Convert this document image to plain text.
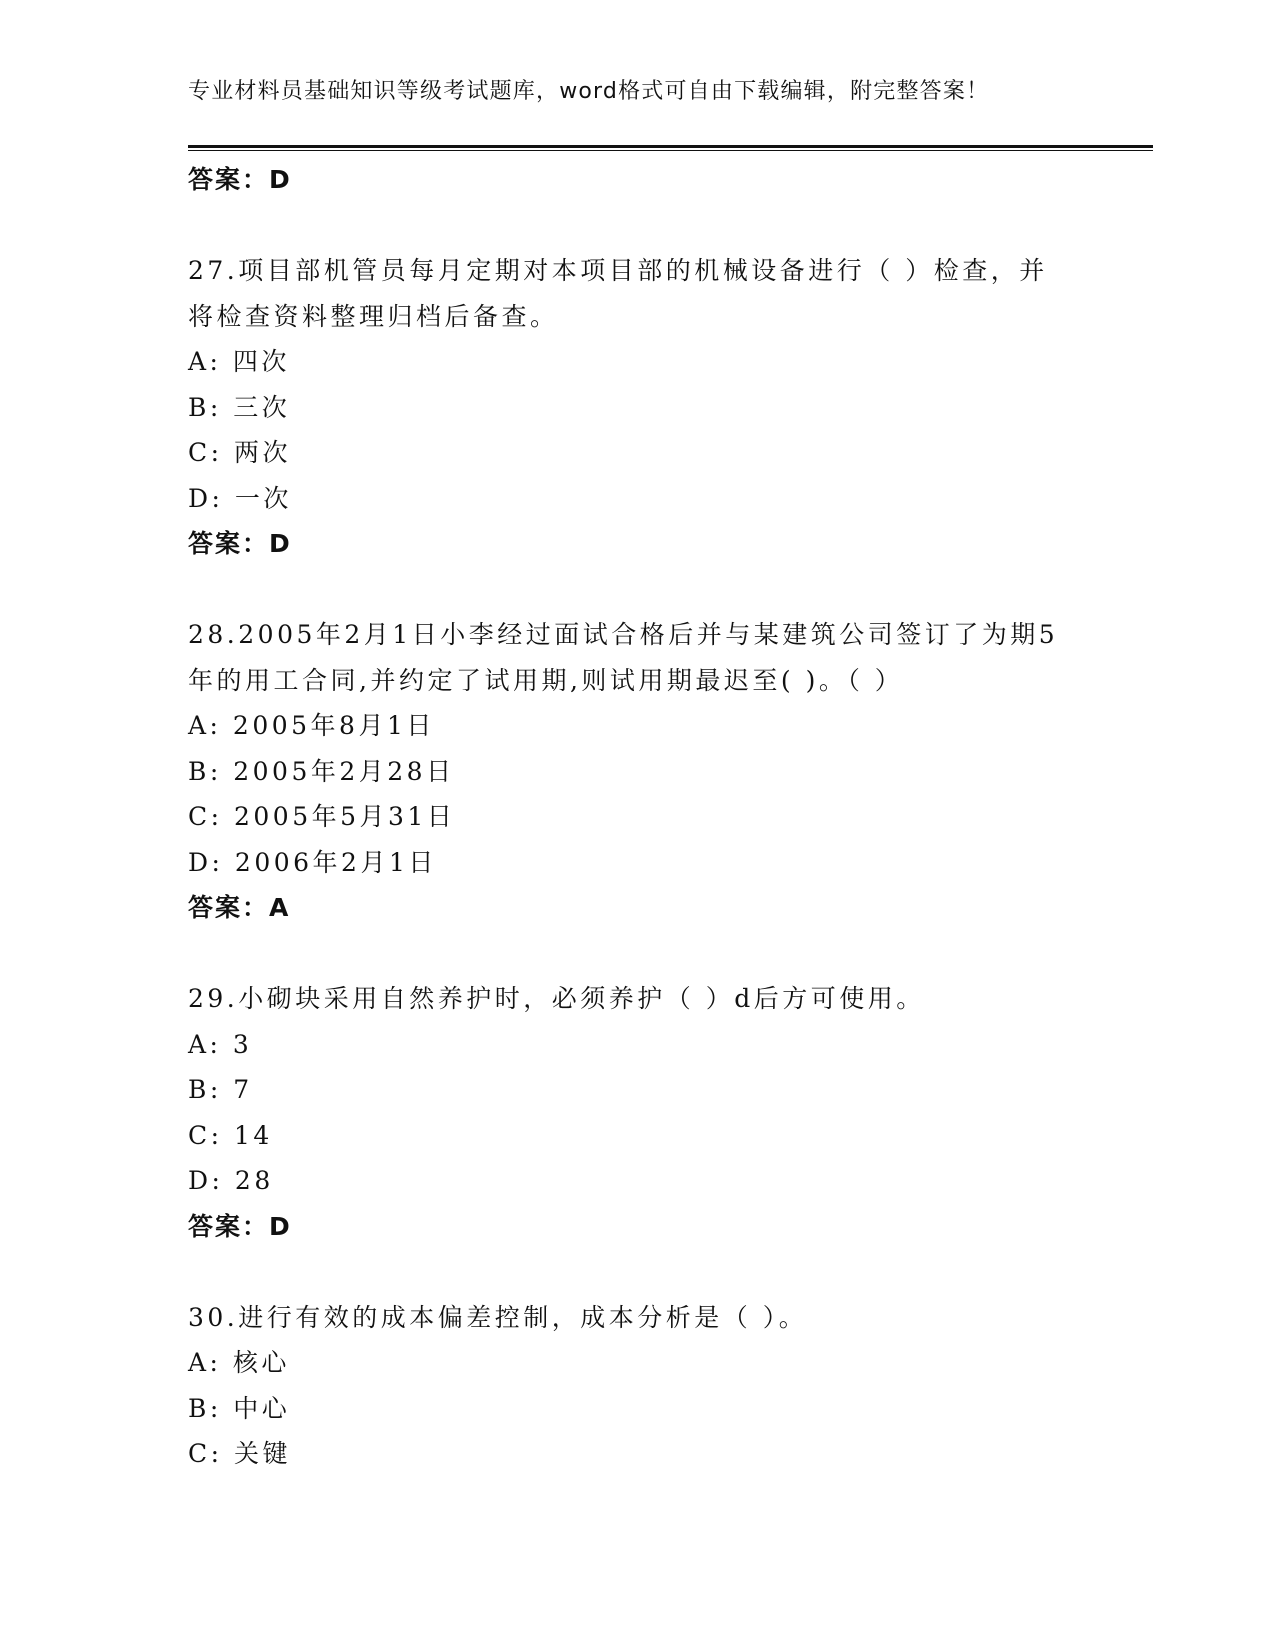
专业材料员基础知识等级考试题库，word格式可自由下载编辑，附完整答案！
答案：D
27.项目部机管员每月定期对本项目部的机械设备进行（ ）检查，并
将检查资料整理归档后备查。
A: 四次
B: 三次
C: 两次
D: 一次
答案：D
28.2005年2月1日小李经过面试合格后并与某建筑公司签订了为期5
年的用工合同,并约定了试用期,则试用期最迟至( )。（ ）
A: 2005年8月1日
B: 2005年2月28日
C: 2005年5月31日
D: 2006年2月1日
答案：A
29.小砌块采用自然养护时，必须养护（ ）d后方可使用。
A: 3
B: 7
C: 14
D: 28
答案：D
30.进行有效的成本偏差控制，成本分析是（ ）。
A: 核心
B: 中心
C: 关键
